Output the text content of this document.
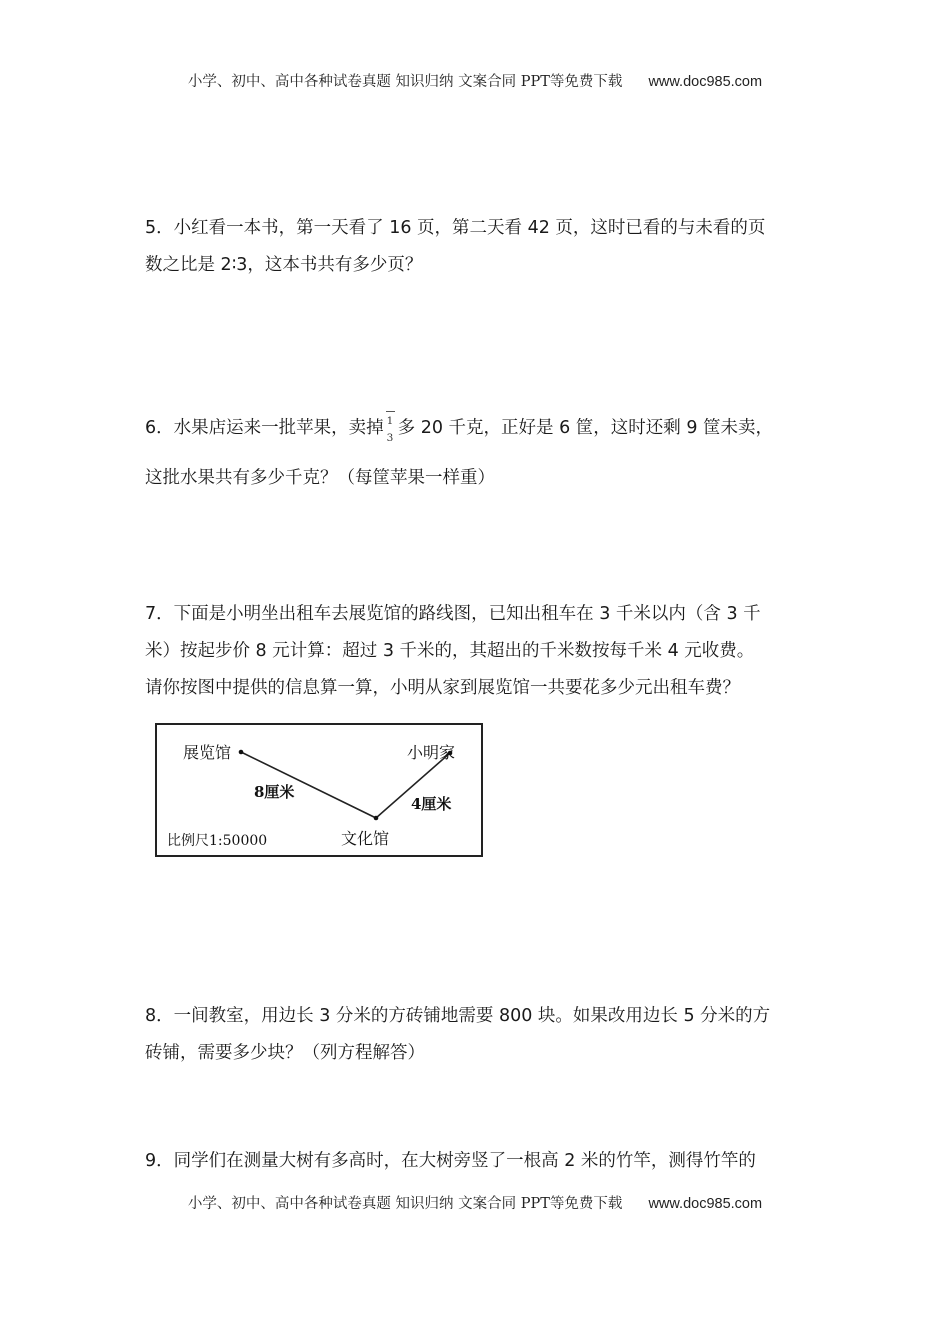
小学、初中、高中各种试卷真题 知识归纳 文案合同 PPT等免费下载 www.doc985.com

5．小红看一本书，第一天看了 16 页，第二天看 42 页，这时已看的与未看的页

数之比是 2∶3，这本书共有多少页？

6．水果店运来一批苹果，卖掉 1
3 多 20 千克，正好是 6 筐，这时还剩 9 筐未卖，

这批水果共有多少千克？（每筐苹果一样重）

7．下面是小明坐出租车去展览馆的路线图，已知出租车在 3 千米以内（含 3 千

米）按起步价 8 元计算：超过 3 千米的，其超出的千米数按每千米 4 元收费。

请你按图中提供的信息算一算，小明从家到展览馆一共要花多少元出租车费？

展览馆	小明家
8厘米
4厘米
文化馆
比例尺1:50000

8．一间教室，用边长 3 分米的方砖铺地需要 800 块。如果改用边长 5 分米的方

砖铺，需要多少块？（列方程解答）

9．同学们在测量大树有多高时，在大树旁竖了一根高 2 米的竹竿，测得竹竿的

小学、初中、高中各种试卷真题 知识归纳 文案合同 PPT等免费下载 www.doc985.com
